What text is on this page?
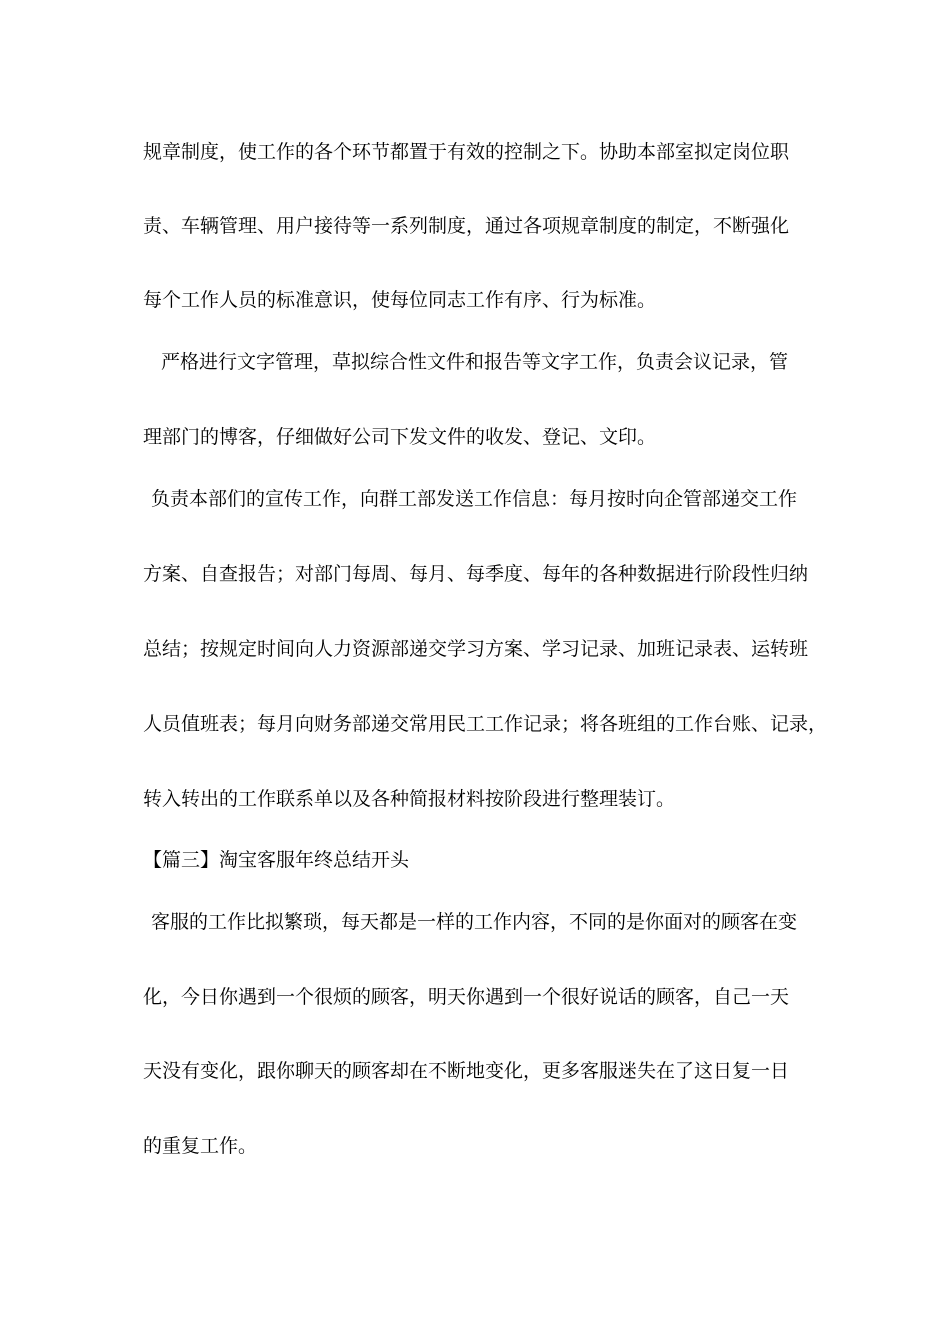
规章制度，使工作的各个环节都置于有效的控制之下。协助本部室拟定岗位职
责、车辆管理、用户接待等一系列制度，通过各项规章制度的制定，不断强化
每个工作人员的标准意识，使每位同志工作有序、行为标准。
严格进行文字管理，草拟综合性文件和报告等文字工作，负责会议记录，管
理部门的博客，仔细做好公司下发文件的收发、登记、文印。
负责本部们的宣传工作，向群工部发送工作信息：每月按时向企管部递交工作
方案、自查报告；对部门每周、每月、每季度、每年的各种数据进行阶段性归纳
总结；按规定时间向人力资源部递交学习方案、学习记录、加班记录表、运转班
人员值班表；每月向财务部递交常用民工工作记录；将各班组的工作台账、记录，
转入转出的工作联系单以及各种简报材料按阶段进行整理装订。
【篇三】淘宝客服年终总结开头
客服的工作比拟繁琐，每天都是一样的工作内容，不同的是你面对的顾客在变
化，今日你遇到一个很烦的顾客，明天你遇到一个很好说话的顾客，自己一天
天没有变化，跟你聊天的顾客却在不断地变化，更多客服迷失在了这日复一日
的重复工作。
